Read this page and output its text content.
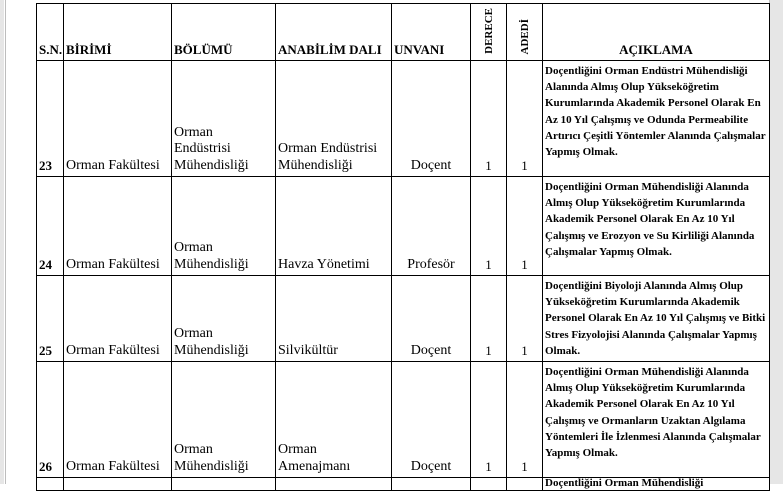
S.N.	BİRİMİ	BÖLÜMÜ	ANABİLİM DALI	UNVANI	DERECE	ADEDİ	AÇIKLAMA
23	Orman Fakültesi	Orman Endüstrisi Mühendisliği	Orman Endüstrisi Mühendisliği	Doçent	1	1	Doçentliğini Orman Endüstri Mühendisliği Alanında Almış Olup Yükseköğretim Kurumlarında Akademik Personel Olarak En Az 10 Yıl Çalışmış ve Odunda Permeabilite Artırıcı Çeşitli Yöntemler Alanında Çalışmalar Yapmış Olmak.
24	Orman Fakültesi	Orman Mühendisliği	Havza Yönetimi	Profesör	1	1	Doçentliğini Orman Mühendisliği Alanında Almış Olup Yükseköğretim Kurumlarında Akademik Personel Olarak En Az 10 Yıl Çalışmış ve Erozyon ve Su Kirliliği Alanında Çalışmalar Yapmış Olmak.
25	Orman Fakültesi	Orman Mühendisliği	Silvikültür	Doçent	1	1	Doçentliğini Biyoloji Alanında Almış Olup Yükseköğretim Kurumlarında Akademik Personel Olarak En Az 10 Yıl Çalışmış ve Bitki Stres Fizyolojisi Alanında Çalışmalar Yapmış Olmak.
26	Orman Fakültesi	Orman Mühendisliği	Orman Amenajmanı	Doçent	1	1	Doçentliğini Orman Mühendisliği Alanında Almış Olup Yükseköğretim Kurumlarında Akademik Personel Olarak En Az 10 Yıl Çalışmış ve Ormanların Uzaktan Algılama Yöntemleri İle İzlenmesi Alanında Çalışmalar Yapmış Olmak.

							Doçentliğini Orman Mühendisliği
